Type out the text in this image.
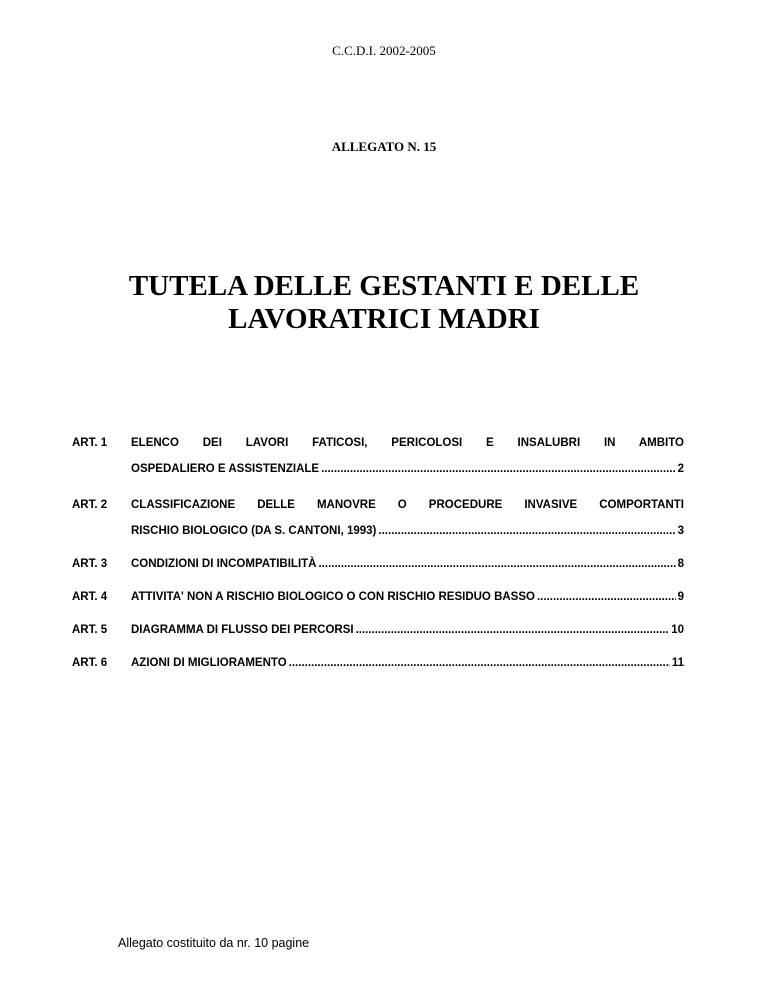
C.C.D.I. 2002-2005
ALLEGATO N. 15
TUTELA DELLE GESTANTI E DELLE
LAVORATRICI MADRI
ART. 1	ELENCO DEI LAVORI FATICOSI, PERICOLOSI E INSALUBRI IN AMBITO
OSPEDALIERO E ASSISTENZIALE .....	2
ART. 2	CLASSIFICAZIONE DELLE MANOVRE O PROCEDURE INVASIVE COMPORTANTI
RISCHIO BIOLOGICO (DA S. CANTONI, 1993) .....	3
ART. 3	CONDIZIONI DI INCOMPATIBILITÀ .....	8
ART. 4	ATTIVITA' NON A RISCHIO BIOLOGICO O CON RISCHIO RESIDUO BASSO .....	9
ART. 5	DIAGRAMMA DI FLUSSO DEI PERCORSI .....	10
ART. 6	AZIONI DI MIGLIORAMENTO .....	11
Allegato costituito da nr. 10 pagine
